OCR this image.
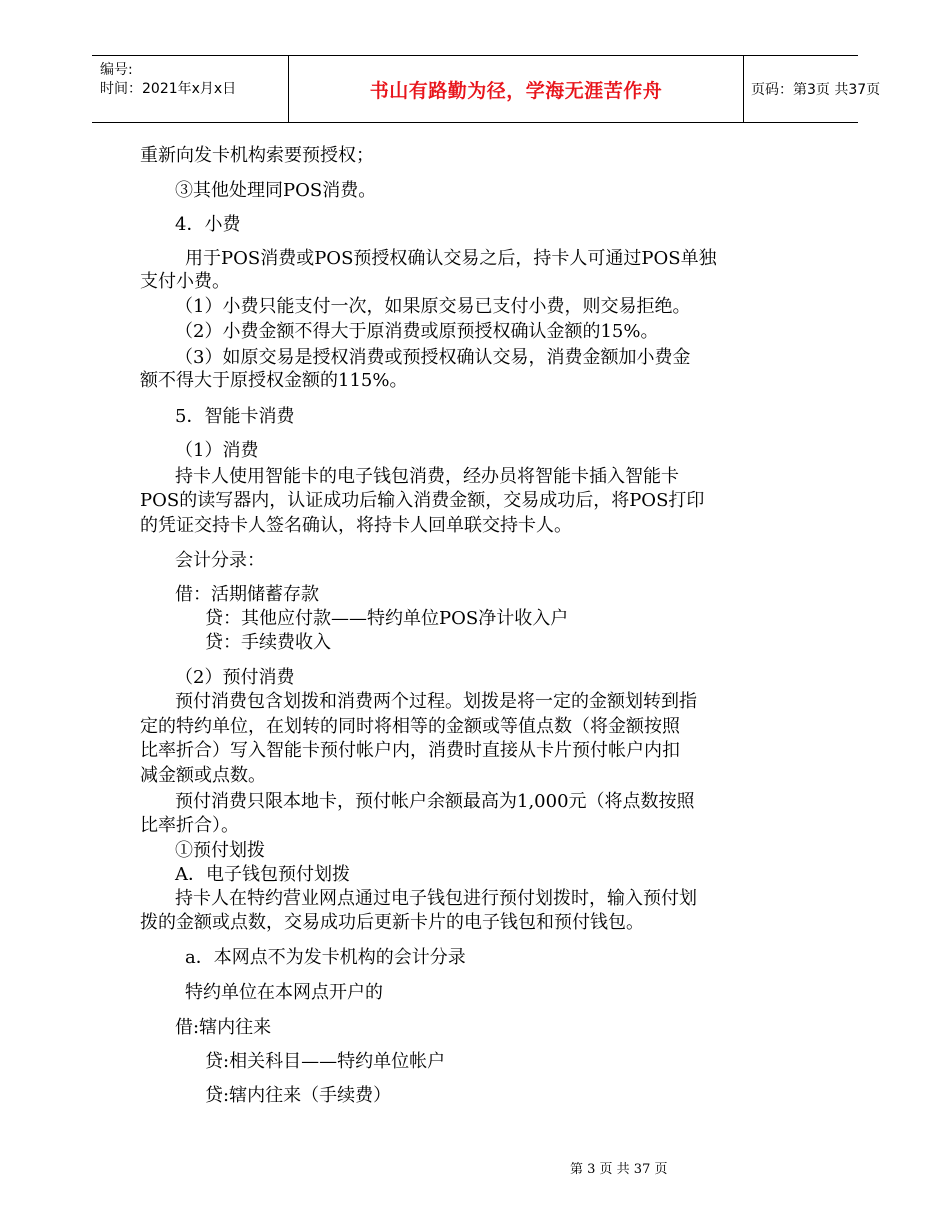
编号:
时间：2021年x月x日	书山有路勤为径，学海无涯苦作舟	页码：第3页 共37页
重新向发卡机构索要预授权；
③其他处理同POS消费。
4．小费
用于POS消费或POS预授权确认交易之后，持卡人可通过POS单独
支付小费。
（1）小费只能支付一次，如果原交易已支付小费，则交易拒绝。
（2）小费金额不得大于原消费或原预授权确认金额的15%。
（3）如原交易是授权消费或预授权确认交易，消费金额加小费金
额不得大于原授权金额的115%。
5．智能卡消费
（1）消费
持卡人使用智能卡的电子钱包消费，经办员将智能卡插入智能卡
POS的读写器内，认证成功后输入消费金额，交易成功后，将POS打印
的凭证交持卡人签名确认，将持卡人回单联交持卡人。
会计分录：
借：活期储蓄存款
贷：其他应付款——特约单位POS净计收入户
贷：手续费收入
（2）预付消费
预付消费包含划拨和消费两个过程。划拨是将一定的金额划转到指
定的特约单位，在划转的同时将相等的金额或等值点数（将金额按照
比率折合）写入智能卡预付帐户内，消费时直接从卡片预付帐户内扣
减金额或点数。
预付消费只限本地卡，预付帐户余额最高为1,000元（将点数按照
比率折合）。
①预付划拨
A．电子钱包预付划拨
持卡人在特约营业网点通过电子钱包进行预付划拨时，输入预付划
拨的金额或点数，交易成功后更新卡片的电子钱包和预付钱包。
a．本网点不为发卡机构的会计分录
特约单位在本网点开户的
借:辖内往来
贷:相关科目——特约单位帐户
贷:辖内往来（手续费）
第 3 页 共 37 页
